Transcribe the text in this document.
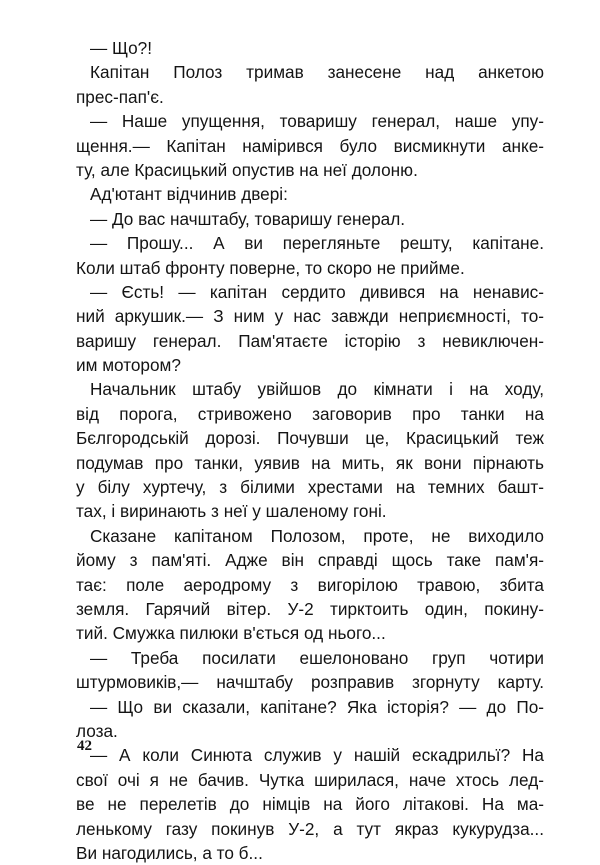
— Що?!
Капітан Полоз тримав занесене над анкетою
прес-пап'є.
— Наше упущення, товаришу генерал, наше упу-
щення.— Капітан намірився було висмикнути анке-
ту, але Красицький опустив на неї долоню.
Ад'ютант відчинив двері:
— До вас начштабу, товаришу генерал.
— Прошу... А ви перегляньте решту, капітане.
Коли штаб фронту поверне, то скоро не прийме.
— Єсть! — капітан сердито дивився на ненавис-
ний аркушик.— З ним у нас завжди неприємності, то-
варишу генерал. Пам'ятаєте історію з невиключен-
им мотором?
Начальник штабу увійшов до кімнати і на ходу,
від порога, стривожено заговорив про танки на
Бєлгородській дорозі. Почувши це, Красицький теж
подумав про танки, уявив на мить, як вони пірнають
у білу хуртечу, з білими хрестами на темних башт-
тах, і виринають з неї у шаленому гоні.
Сказане капітаном Полозом, проте, не виходило
йому з пам'яті. Адже він справді щось таке пам'я-
тає: поле аеродрому з вигорілою травою, збита
земля. Гарячий вітер. У-2 тирктоить один, покину-
тий. Смужка пилюки в'ється од нього...
— Треба посилати ешелоновано груп чотири
штурмовиків,— начштабу розправив згорнуту карту.
— Що ви сказали, капітане? Яка історія? — до По-
лоза.
— А коли Синюта служив у нашій ескадрильї? На
свої очі я не бачив. Чутка ширилася, наче хтось лед-
ве не перелетів до німців на його літакові. На ма-
ленькому газу покинув У-2, а тут якраз кукурудза...
Ви нагодились, а то б...
42
